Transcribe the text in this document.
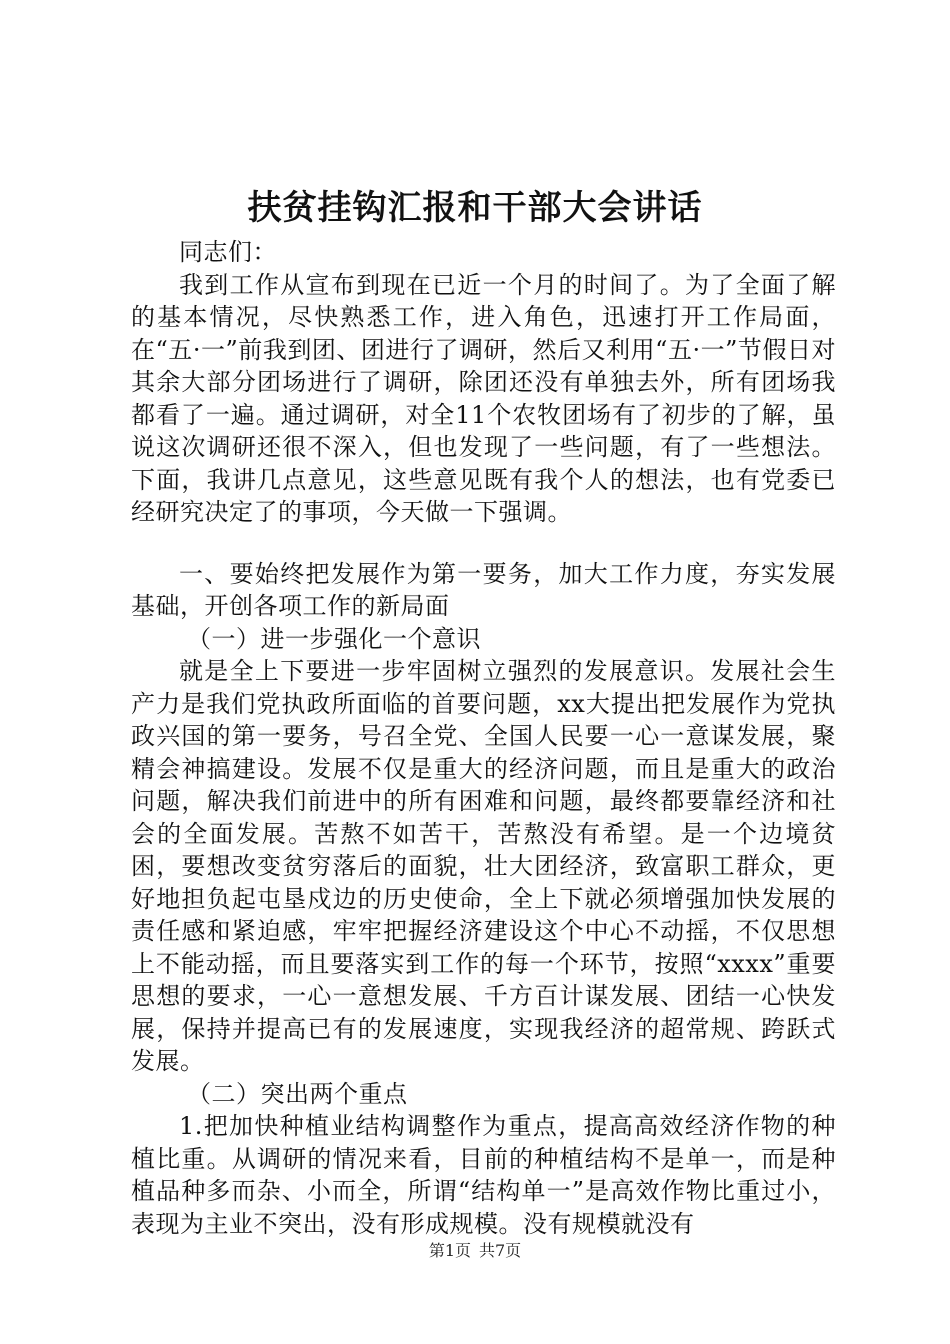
扶贫挂钩汇报和干部大会讲话

同志们：

我到工作从宣布到现在已近一个月的时间了。为了全面了解的基本情况，尽快熟悉工作，进入角色，迅速打开工作局面，在“五·一”前我到团、团进行了调研，然后又利用“五·一”节假日对其余大部分团场进行了调研，除团还没有单独去外，所有团场我都看了一遍。通过调研，对全11个农牧团场有了初步的了解，虽说这次调研还很不深入，但也发现了一些问题，有了一些想法。下面，我讲几点意见，这些意见既有我个人的想法，也有党委已经研究决定了的事项，今天做一下强调。

一、要始终把发展作为第一要务，加大工作力度，夯实发展基础，开创各项工作的新局面

（一）进一步强化一个意识

就是全上下要进一步牢固树立强烈的发展意识。发展社会生产力是我们党执政所面临的首要问题，xx大提出把发展作为党执政兴国的第一要务，号召全党、全国人民要一心一意谋发展，聚精会神搞建设。发展不仅是重大的经济问题，而且是重大的政治问题，解决我们前进中的所有困难和问题，最终都要靠经济和社会的全面发展。苦熬不如苦干，苦熬没有希望。是一个边境贫困，要想改变贫穷落后的面貌，壮大团经济，致富职工群众，更好地担负起屯垦戍边的历史使命，全上下就必须增强加快发展的责任感和紧迫感，牢牢把握经济建设这个中心不动摇，不仅思想上不能动摇，而且要落实到工作的每一个环节，按照“xxxx”重要思想的要求，一心一意想发展、千方百计谋发展、团结一心快发展，保持并提高已有的发展速度，实现我经济的超常规、跨跃式发展。

（二）突出两个重点

1.把加快种植业结构调整作为重点，提高高效经济作物的种植比重。从调研的情况来看，目前的种植结构不是单一，而是种植品种多而杂、小而全，所谓“结构单一”是高效作物比重过小，表现为主业不突出，没有形成规模。没有规模就没有

第1页 共7页
